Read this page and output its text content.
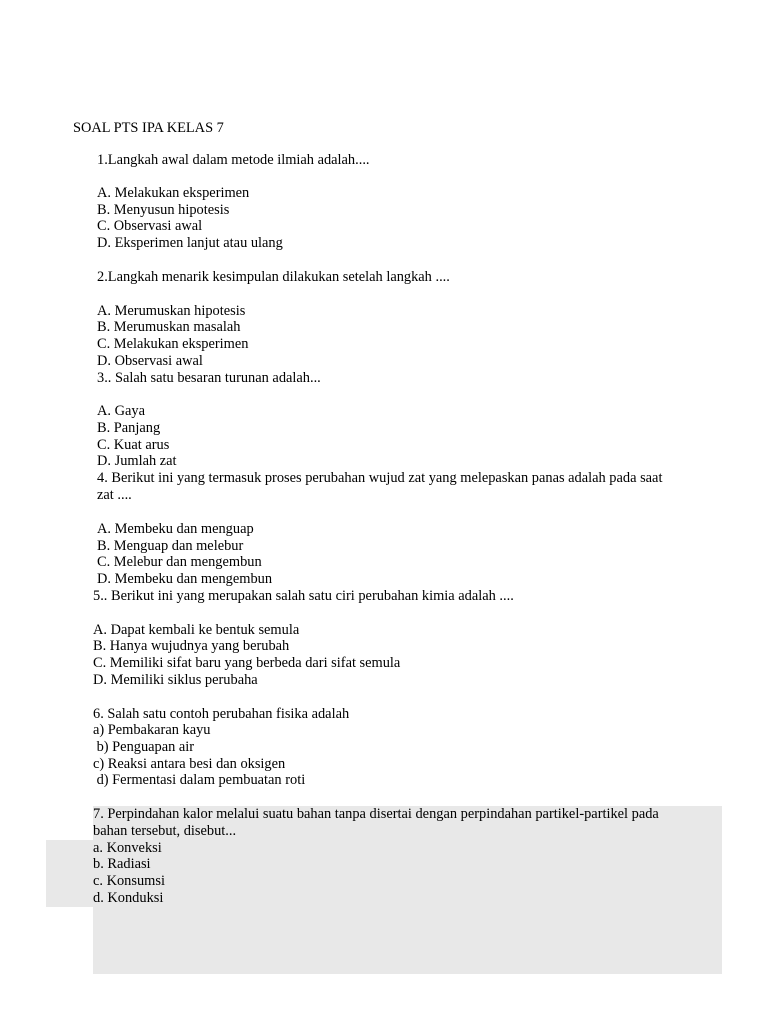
SOAL PTS IPA KELAS 7
1.Langkah awal dalam metode ilmiah adalah....
A. Melakukan eksperimen
B. Menyusun hipotesis
C. Observasi awal
D. Eksperimen lanjut atau ulang
2.Langkah menarik kesimpulan dilakukan setelah langkah ....
A. Merumuskan hipotesis
B. Merumuskan masalah
C. Melakukan eksperimen
D. Observasi awal
3.. Salah satu besaran turunan adalah...
A. Gaya
B. Panjang
C. Kuat arus
D. Jumlah zat
4. Berikut ini yang termasuk proses perubahan wujud zat yang melepaskan panas adalah pada saat
zat ....
A. Membeku dan menguap
B. Menguap dan melebur
C. Melebur dan mengembun
D. Membeku dan mengembun
5.. Berikut ini yang merupakan salah satu ciri perubahan kimia adalah ....
A. Dapat kembali ke bentuk semula
B. Hanya wujudnya yang berubah
C. Memiliki sifat baru yang berbeda dari sifat semula
D. Memiliki siklus perubaha
6. Salah satu contoh perubahan fisika adalah
a) Pembakaran kayu
b) Penguapan air
c) Reaksi antara besi dan oksigen
d) Fermentasi dalam pembuatan roti
7. Perpindahan kalor melalui suatu bahan tanpa disertai dengan perpindahan partikel-partikel pada
bahan tersebut, disebut...
a. Konveksi
b. Radiasi
c. Konsumsi
d. Konduksi
